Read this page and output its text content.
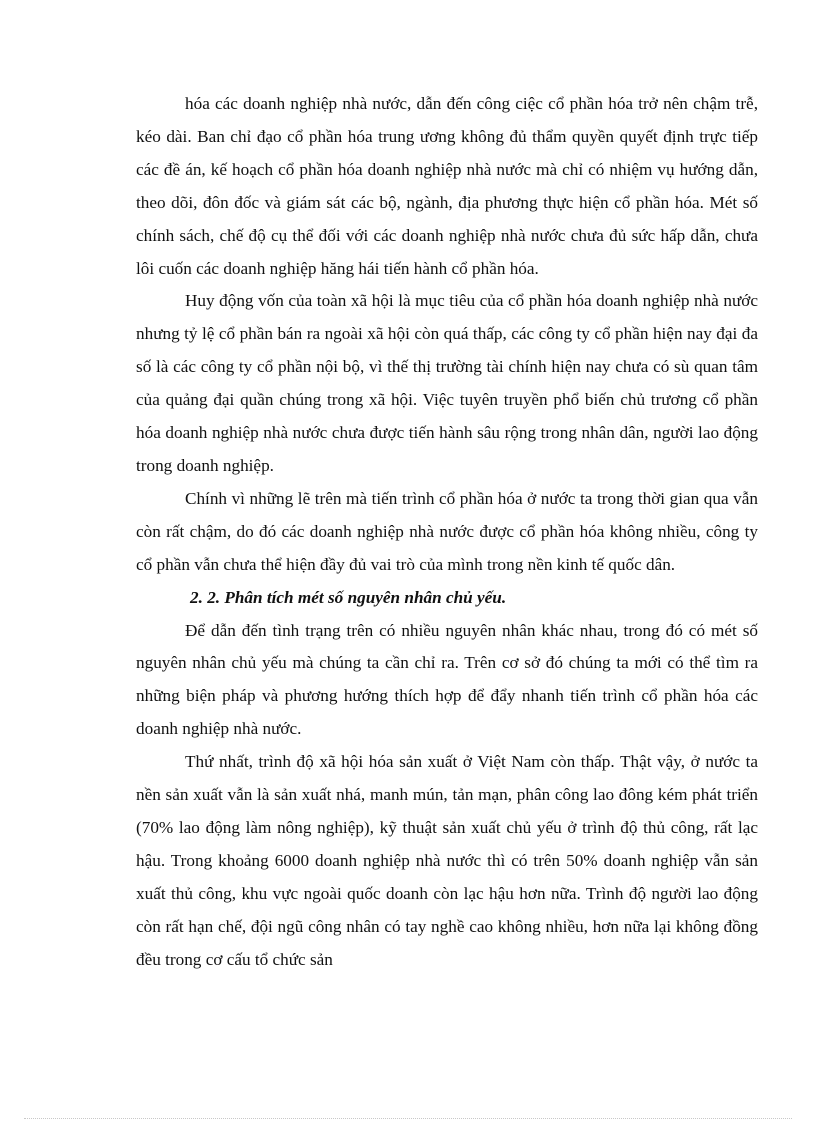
hóa các doanh nghiệp nhà nước, dẫn đến công ciệc cổ phần hóa trở nên chậm trễ, kéo dài. Ban chỉ đạo cổ phần hóa trung ương không đủ thẩm quyền quyết định trực tiếp các đề án, kế hoạch cổ phần hóa doanh nghiệp nhà nước mà chỉ có nhiệm vụ hướng dẫn, theo dõi, đôn đốc và giám sát các bộ, ngành, địa phương thực hiện cổ phần hóa. Mét số chính sách, chế độ cụ thể đối với các doanh nghiệp nhà nước chưa đủ sức hấp dẫn, chưa lôi cuốn các doanh nghiệp hăng hái tiến hành cổ phần hóa.

Huy động vốn của toàn xã hội là mục tiêu của cổ phần hóa doanh nghiệp nhà nước nhưng tỷ lệ cổ phần bán ra ngoài xã hội còn quá thấp, các công ty cổ phần hiện nay đại đa số là các công ty cổ phần nội bộ, vì thế thị trường tài chính hiện nay chưa có sù quan tâm của quảng đại quần chúng trong xã hội. Việc tuyên truyền phổ biến chủ trương cổ phần hóa doanh nghiệp nhà nước chưa được tiến hành sâu rộng trong nhân dân, người lao động trong doanh nghiệp.

Chính vì những lẽ trên mà tiến trình cổ phần hóa ở nước ta trong thời gian qua vẫn còn rất chậm, do đó các doanh nghiệp nhà nước được cổ phần hóa không nhiều, công ty cổ phần vẫn chưa thể hiện đầy đủ vai trò của mình trong nền kinh tế quốc dân.

2. 2. Phân tích mét số nguyên nhân chủ yếu.

Để dẫn đến tình trạng trên có nhiều nguyên nhân khác nhau, trong đó có mét số nguyên nhân chủ yếu mà chúng ta cần chỉ ra. Trên cơ sở đó chúng ta mới có thể tìm ra những biện pháp và phương hướng thích hợp để đẩy nhanh tiến trình cổ phần hóa các doanh nghiệp nhà nước.

Thứ nhất, trình độ xã hội hóa sản xuất ở Việt Nam còn thấp. Thật vậy, ở nước ta nền sản xuất vẫn là sản xuất nhá, manh mún, tản mạn, phân công lao đông kém phát triển (70% lao động làm nông nghiệp), kỹ thuật sản xuất chủ yếu ở trình độ thủ công, rất lạc hậu. Trong khoảng 6000 doanh nghiệp nhà nước thì có trên 50% doanh nghiệp vẫn sản xuất thủ công, khu vực ngoài quốc doanh còn lạc hậu hơn nữa. Trình độ người lao động còn rất hạn chế, đội ngũ công nhân có tay nghề cao không nhiều, hơn nữa lại không đồng đều trong cơ cấu tổ chức sản
